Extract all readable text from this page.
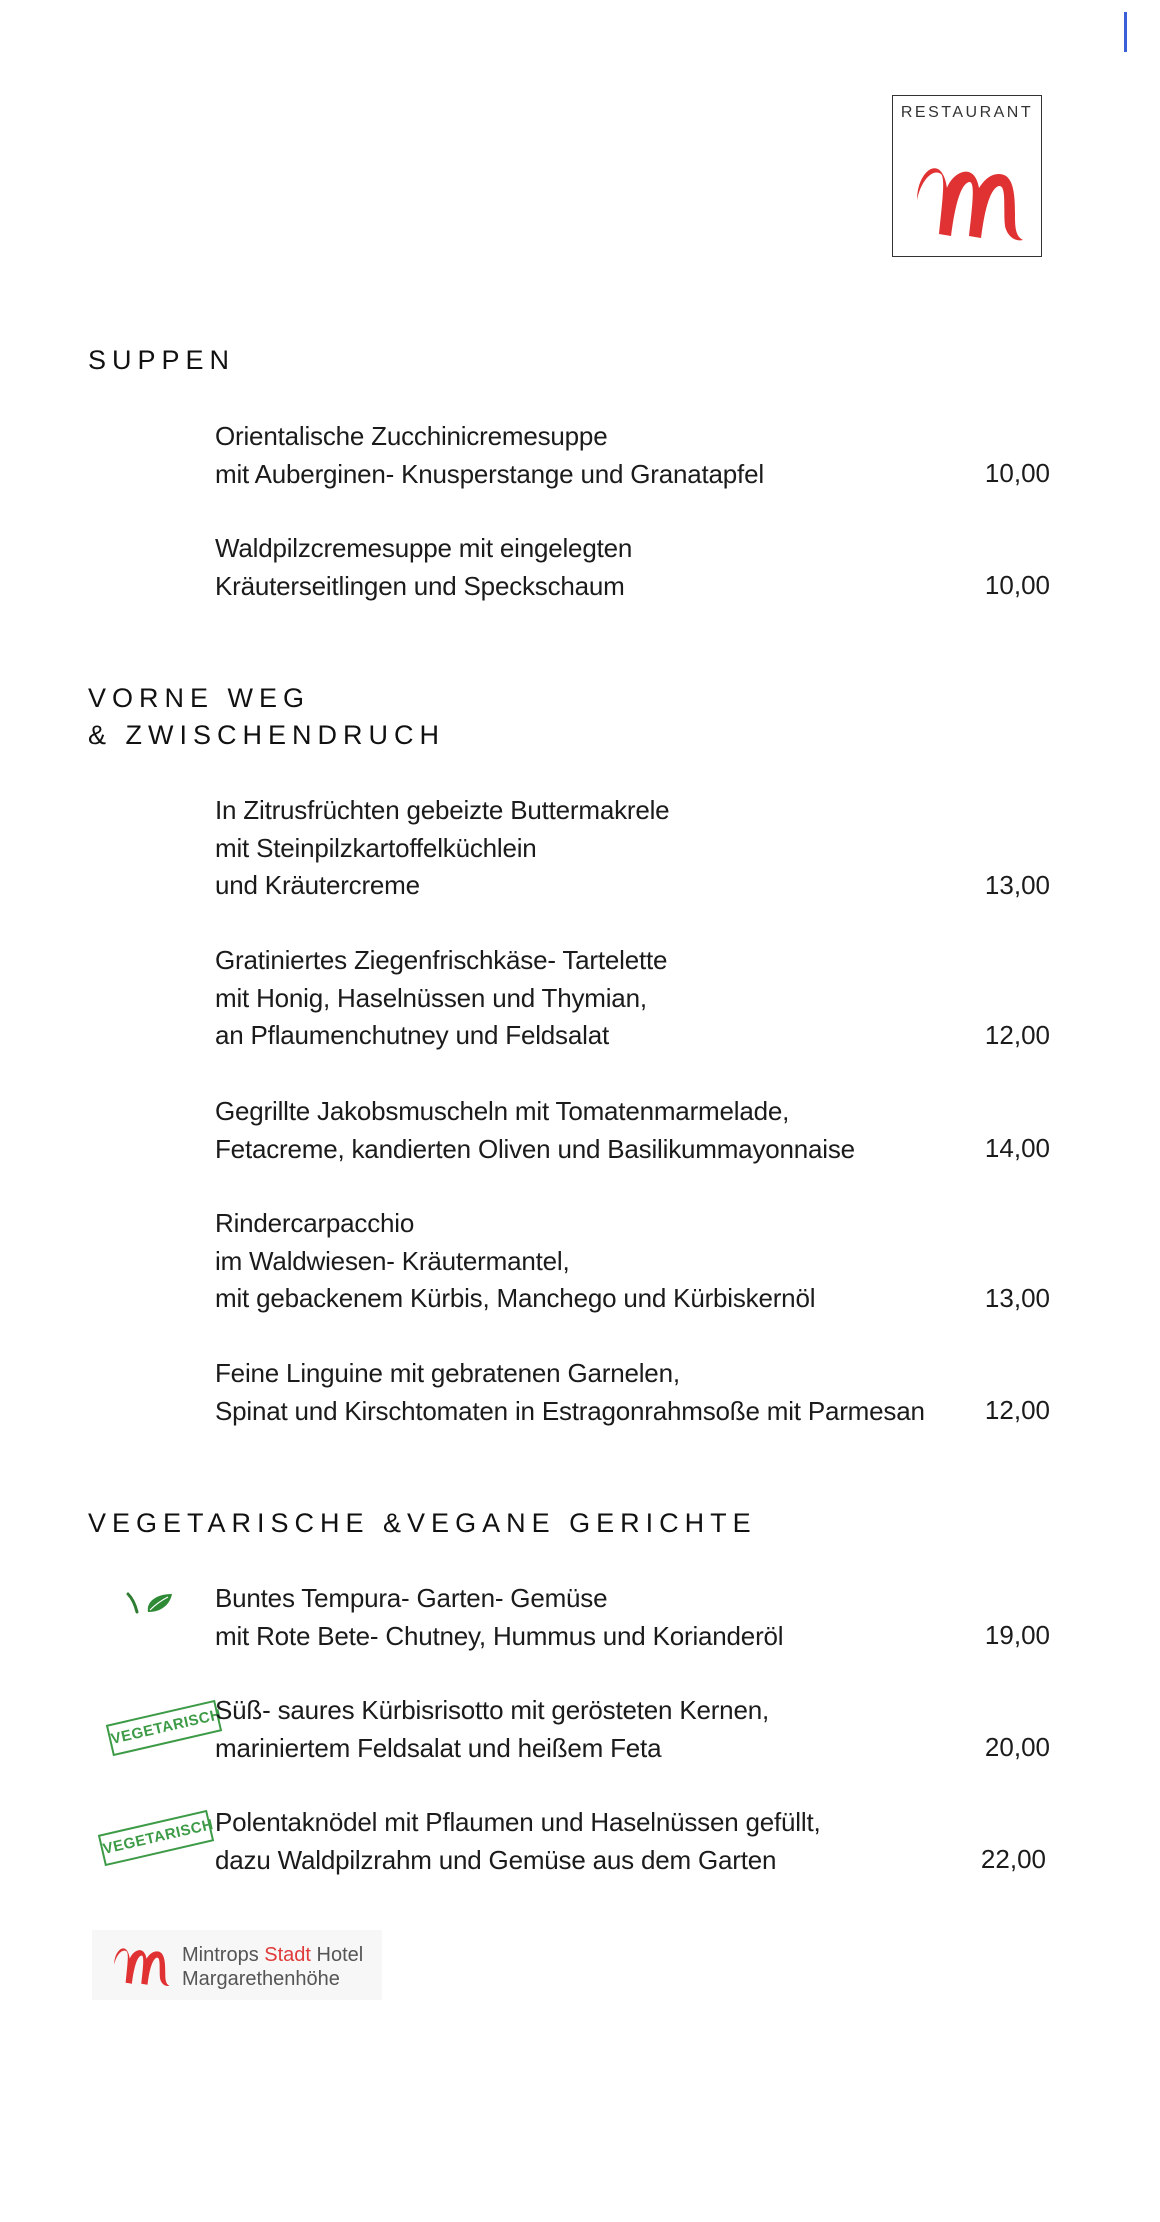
RESTAURANT
SUPPEN
Orientalische Zucchinicremesuppe
mit Auberginen- Knusperstange und Granatapfel	10,00
Waldpilzcremesuppe mit eingelegten
Kräuterseitlingen und Speckschaum	10,00
VORNE WEG
& ZWISCHENDRUCH
In Zitrusfrüchten gebeizte Buttermakrele
mit Steinpilzkartoffelküchlein
und Kräutercreme	13,00
Gratiniertes Ziegenfrischkäse- Tartelette
mit Honig, Haselnüssen und Thymian,
an Pflaumenchutney und Feldsalat	12,00
Gegrillte Jakobsmuscheln mit Tomatenmarmelade,
Fetacreme, kandierten Oliven und Basilikummayonnaise	14,00
Rindercarpacchio
im Waldwiesen- Kräutermantel,
mit gebackenem Kürbis, Manchego und Kürbiskernöl	13,00
Feine Linguine mit gebratenen Garnelen,
Spinat und Kirschtomaten in Estragonrahmsoße mit Parmesan	12,00
VEGETARISCHE &VEGANE GERICHTE
Buntes Tempura- Garten- Gemüse
mit Rote Bete- Chutney, Hummus und Korianderöl	19,00
VEGETARISCH
Süß- saures Kürbisrisotto mit gerösteten Kernen,
mariniertem Feldsalat und heißem Feta	20,00
VEGETARISCH Polentaknödel mit Pflaumen und Haselnüssen gefüllt,
dazu Waldpilzrahm und Gemüse aus dem Garten	22,00
Mintrops Stadt Hotel
Margarethenhöhe
